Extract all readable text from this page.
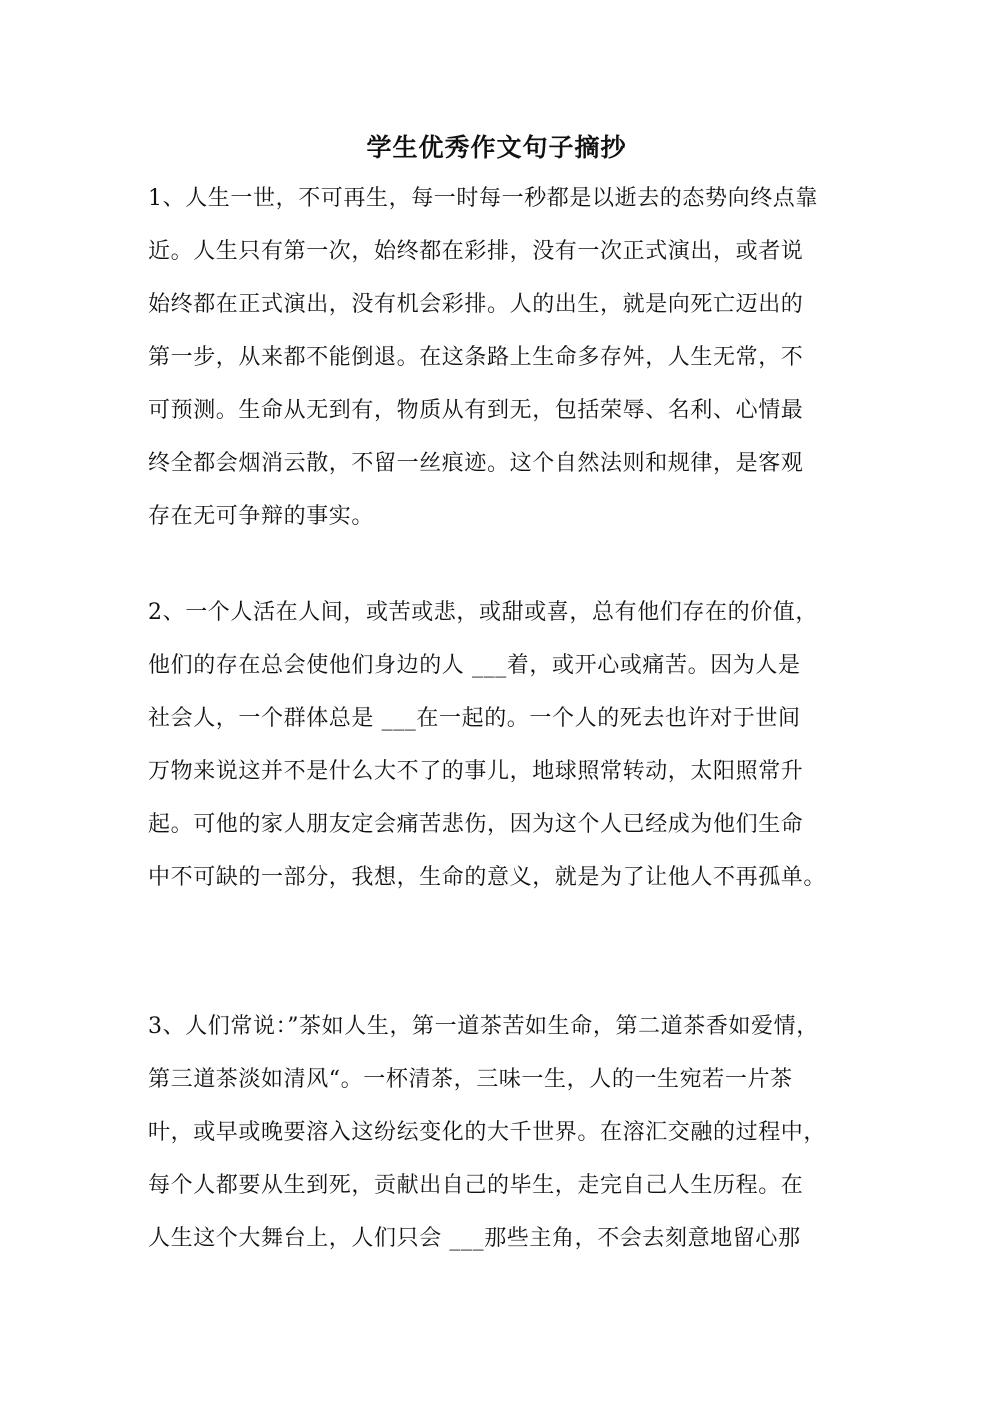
学生优秀作文句子摘抄
1、人生一世，不可再生，每一时每一秒都是以逝去的态势向终点靠
近。人生只有第一次，始终都在彩排，没有一次正式演出，或者说
始终都在正式演出，没有机会彩排。人的出生，就是向死亡迈出的
第一步，从来都不能倒退。在这条路上生命多存舛，人生无常，不
可预测。生命从无到有，物质从有到无，包括荣辱、名利、心情最
终全都会烟消云散，不留一丝痕迹。这个自然法则和规律，是客观
存在无可争辩的事实。
2、一个人活在人间，或苦或悲，或甜或喜，总有他们存在的价值，
他们的存在总会使他们身边的人 ___着，或开心或痛苦。因为人是
社会人，一个群体总是 ___在一起的。一个人的死去也许对于世间
万物来说这并不是什么大不了的事儿，地球照常转动，太阳照常升
起。可他的家人朋友定会痛苦悲伤，因为这个人已经成为他们生命
中不可缺的一部分，我想，生命的意义，就是为了让他人不再孤单。
3、人们常说：”茶如人生，第一道茶苦如生命，第二道茶香如爱情，
第三道茶淡如清风“。一杯清茶，三味一生，人的一生宛若一片茶
叶，或早或晚要溶入这纷纭变化的大千世界。在溶汇交融的过程中，
每个人都要从生到死，贡献出自己的毕生，走完自己人生历程。在
人生这个大舞台上，人们只会 ___那些主角，不会去刻意地留心那
